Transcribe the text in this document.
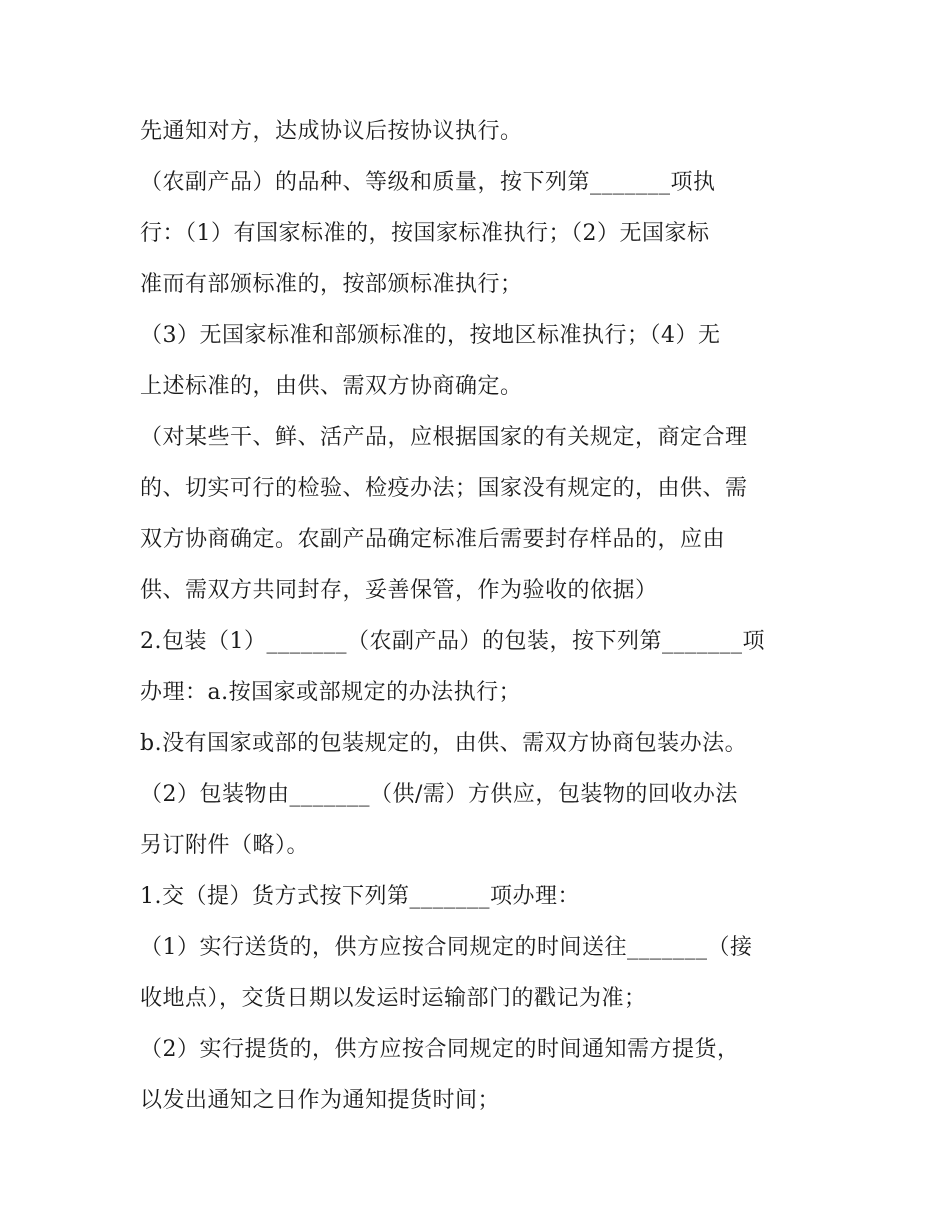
先通知对方，达成协议后按协议执行。
（农副产品）的品种、等级和质量，按下列第_______项执
行：（1）有国家标准的，按国家标准执行；（2）无国家标
准而有部颁标准的，按部颁标准执行；
（3）无国家标准和部颁标准的，按地区标准执行；（4）无
上述标准的，由供、需双方协商确定。
（对某些干、鲜、活产品，应根据国家的有关规定，商定合理
的、切实可行的检验、检疫办法；国家没有规定的，由供、需
双方协商确定。农副产品确定标准后需要封存样品的，应由
供、需双方共同封存，妥善保管，作为验收的依据）
2.包装（1）_______（农副产品）的包装，按下列第_______项
办理：a.按国家或部规定的办法执行；
b.没有国家或部的包装规定的，由供、需双方协商包装办法。
（2）包装物由_______（供/需）方供应，包装物的回收办法
另订附件（略）。
1.交（提）货方式按下列第_______项办理：
（1）实行送货的，供方应按合同规定的时间送往_______（接
收地点），交货日期以发运时运输部门的戳记为准；
（2）实行提货的，供方应按合同规定的时间通知需方提货，
以发出通知之日作为通知提货时间；
